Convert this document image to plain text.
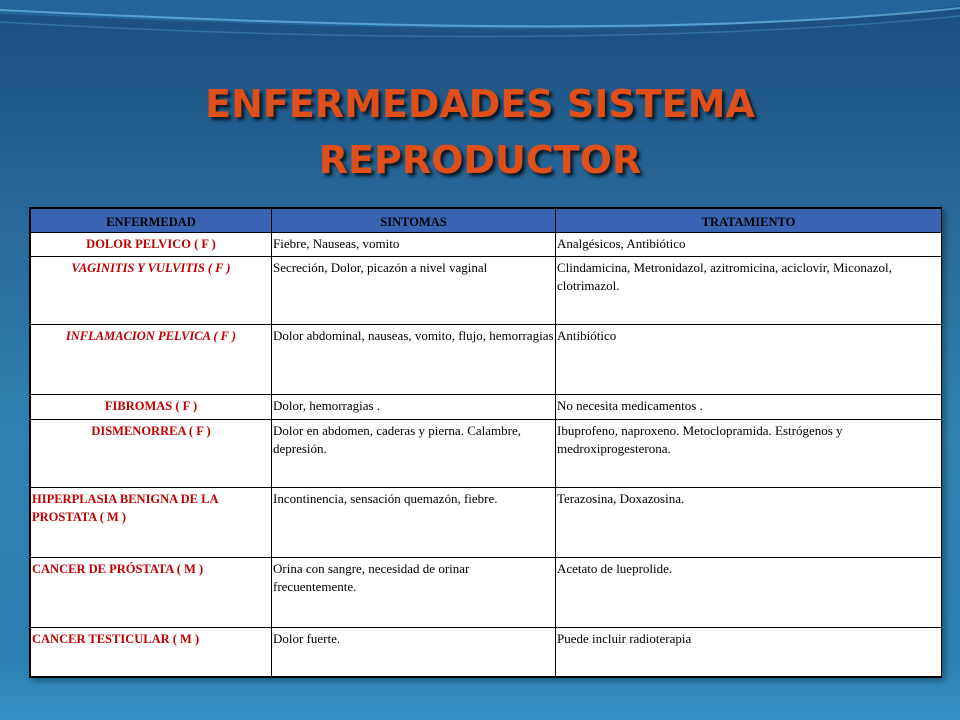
ENFERMEDADES SISTEMA
REPRODUCTOR
ENFERMEDAD	SINTOMAS	TRATAMIENTO
DOLOR PELVICO ( F )	Fiebre, Nauseas, vomito	Analgésicos, Antibiótico
VAGINITIS Y VULVITIS ( F )	Secreción, Dolor, picazón a nivel vaginal	Clindamicina, Metronidazol, azitromicina, aciclovir, Miconazol, clotrimazol.
INFLAMACION PELVICA ( F )	Dolor abdominal, nauseas, vomito, flujo, hemorragias	Antibiótico
FIBROMAS ( F )	Dolor, hemorragias .	No necesita medicamentos .
DISMENORREA ( F )	Dolor en abdomen, caderas y pierna. Calambre, depresión.	Ibuprofeno, naproxeno. Metoclopramida. Estrógenos y medroxiprogesterona.
HIPERPLASIA BENIGNA DE LA PROSTATA ( M )	Incontinencia, sensación quemazón, fiebre.	Terazosina, Doxazosina.
CANCER DE PRÓSTATA ( M )	Orina con sangre, necesidad de orinar frecuentemente.	Acetato de lueprolide.
CANCER TESTICULAR ( M )	Dolor fuerte.	Puede incluir radioterapia
